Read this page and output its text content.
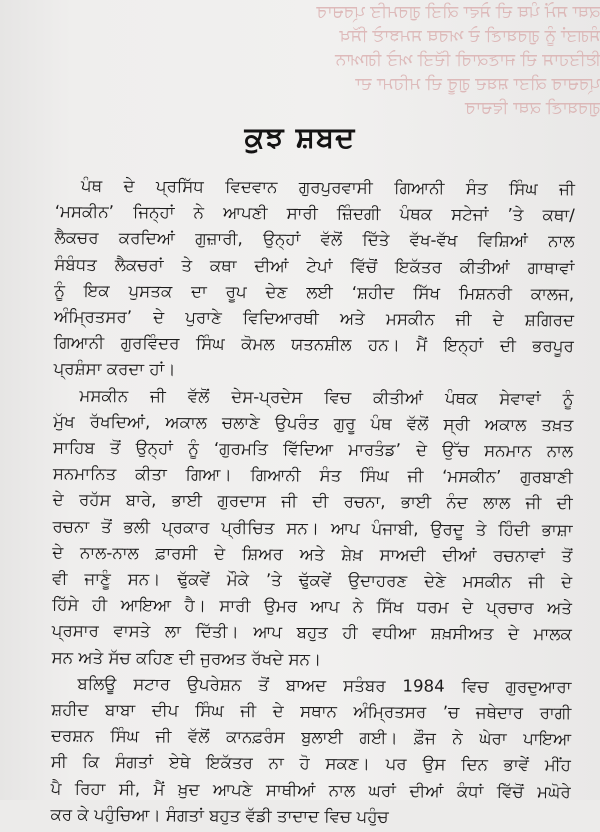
ਕਥਾ ਸਮੇਂ ਪੰਥ ਦੀ ਸੇਵਾ ਕੀਤੀ ਗੁਰਮਤਿ ਪ੍ਰਚਾਰ
ਸੰਗਤਾਂ ਨੂੰ ਗੁਰਬਾਣੀ ਦੇ ਅਰਥ ਸਮਝਾਏ ਸਿੱਖ
ਇਤਿਹਾਸ ਦੀ ਜਾਣਕਾਰੀ ਦਿੱਤੀ ਅਤੇ ਗਿਆਨ
ਪ੍ਰਚਾਰ ਕੀਤਾ ਸ਼ਬਦ ਗੁਰੂ ਦੀ ਮਹਿਮਾ ਦਾ
ਗੁਰਬਾਣੀ ਕਥਾ ਵਿਚਾਰ
ਕੁਝ ਸ਼ਬਦ
ਪੰਥ ਦੇ ਪ੍ਰਸਿੱਧ ਵਿਦਵਾਨ ਗੁਰਪੁਰਵਾਸੀ ਗਿਆਨੀ ਸੰਤ ਸਿੰਘ ਜੀ
‘ਮਸਕੀਨ’ ਜਿਨ੍ਹਾਂ ਨੇ ਆਪਣੀ ਸਾਰੀ ਜ਼ਿੰਦਗੀ ਪੰਥਕ ਸਟੇਜਾਂ ’ਤੇ ਕਥਾ/
ਲੈਕਚਰ ਕਰਦਿਆਂ ਗੁਜ਼ਾਰੀ, ਉਨ੍ਹਾਂ ਵੱਲੋਂ ਦਿੱਤੇ ਵੱਖ-ਵੱਖ ਵਿਸ਼ਿਆਂ ਨਾਲ
ਸੰਬੰਧਤ ਲੈਕਚਰਾਂ ਤੇ ਕਥਾ ਦੀਆਂ ਟੇਪਾਂ ਵਿੱਚੋਂ ਇਕੱਤਰ ਕੀਤੀਆਂ ਗਾਥਾਵਾਂ
ਨੂੰ ਇਕ ਪੁਸਤਕ ਦਾ ਰੂਪ ਦੇਣ ਲਈ ‘ਸ਼ਹੀਦ ਸਿੱਖ ਮਿਸ਼ਨਰੀ ਕਾਲਜ,
ਅੰਮ੍ਰਿਤਸਰ’ ਦੇ ਪੁਰਾਣੇ ਵਿਦਿਆਰਥੀ ਅਤੇ ਮਸਕੀਨ ਜੀ ਦੇ ਸ਼ਗਿਰਦ
ਗਿਆਨੀ ਗੁਰਵਿੰਦਰ ਸਿੰਘ ਕੋਮਲ ਯਤਨਸ਼ੀਲ ਹਨ। ਮੈਂ ਇਨ੍ਹਾਂ ਦੀ ਭਰਪੂਰ
ਪ੍ਰਸ਼ੰਸਾ ਕਰਦਾ ਹਾਂ।
ਮਸਕੀਨ ਜੀ ਵੱਲੋਂ ਦੇਸ-ਪ੍ਰਦੇਸ ਵਿਚ ਕੀਤੀਆਂ ਪੰਥਕ ਸੇਵਾਵਾਂ ਨੂੰ
ਮੁੱਖ ਰੱਖਦਿਆਂ, ਅਕਾਲ ਚਲਾਣੇ ਉਪਰੰਤ ਗੁਰੂ ਪੰਥ ਵੱਲੋਂ ਸ੍ਰੀ ਅਕਾਲ ਤਖ਼ਤ
ਸਾਹਿਬ ਤੋਂ ਉਨ੍ਹਾਂ ਨੂੰ ‘ਗੁਰਮਤਿ ਵਿੱਦਿਆ ਮਾਰਤੰਡ’ ਦੇ ਉੱਚ ਸਨਮਾਨ ਨਾਲ
ਸਨਮਾਨਿਤ ਕੀਤਾ ਗਿਆ। ਗਿਆਨੀ ਸੰਤ ਸਿੰਘ ਜੀ ‘ਮਸਕੀਨ’ ਗੁਰਬਾਣੀ
ਦੇ ਰਹੱਸ ਬਾਰੇ, ਭਾਈ ਗੁਰਦਾਸ ਜੀ ਦੀ ਰਚਨਾ, ਭਾਈ ਨੰਦ ਲਾਲ ਜੀ ਦੀ
ਰਚਨਾ ਤੋਂ ਭਲੀ ਪ੍ਰਕਾਰ ਪ੍ਰੀਚਿਤ ਸਨ। ਆਪ ਪੰਜਾਬੀ, ਉਰਦੂ ਤੇ ਹਿੰਦੀ ਭਾਸ਼ਾ
ਦੇ ਨਾਲ-ਨਾਲ ਫ਼ਾਰਸੀ ਦੇ ਸ਼ਿਅਰ ਅਤੇ ਸ਼ੇਖ਼ ਸਾਅਦੀ ਦੀਆਂ ਰਚਨਾਵਾਂ ਤੋਂ
ਵੀ ਜਾਣੂੰ ਸਨ। ਢੁੱਕਵੇਂ ਮੌਕੇ ’ਤੇ ਢੁੱਕਵੇਂ ਉਦਾਹਰਣ ਦੇਣੇ ਮਸਕੀਨ ਜੀ ਦੇ
ਹਿੱਸੇ ਹੀ ਆਇਆ ਹੈ। ਸਾਰੀ ਉਮਰ ਆਪ ਨੇ ਸਿੱਖ ਧਰਮ ਦੇ ਪ੍ਰਚਾਰ ਅਤੇ
ਪ੍ਰਸਾਰ ਵਾਸਤੇ ਲਾ ਦਿੱਤੀ। ਆਪ ਬਹੁਤ ਹੀ ਵਧੀਆ ਸ਼ਖ਼ਸੀਅਤ ਦੇ ਮਾਲਕ
ਸਨ ਅਤੇ ਸੱਚ ਕਹਿਣ ਦੀ ਜੁਰਅਤ ਰੱਖਦੇ ਸਨ।
ਬਲਿਊ ਸਟਾਰ ਉਪਰੇਸ਼ਨ ਤੋਂ ਬਾਅਦ ਸਤੰਬਰ 1984 ਵਿਚ ਗੁਰਦੁਆਰਾ
ਸ਼ਹੀਦ ਬਾਬਾ ਦੀਪ ਸਿੰਘ ਜੀ ਦੇ ਸਥਾਨ ਅੰਮ੍ਰਿਤਸਰ ’ਚ ਜਥੇਦਾਰ ਰਾਗੀ
ਦਰਸ਼ਨ ਸਿੰਘ ਜੀ ਵੱਲੋਂ ਕਾਨਫ਼ਰੰਸ ਬੁਲਾਈ ਗਈ। ਫ਼ੌਜ ਨੇ ਘੇਰਾ ਪਾਇਆ
ਸੀ ਕਿ ਸੰਗਤਾਂ ਏਥੇ ਇਕੱਤਰ ਨਾ ਹੋ ਸਕਣ। ਪਰ ਉਸ ਦਿਨ ਭਾਵੇਂ ਮੀਂਹ
ਪੈ ਰਿਹਾ ਸੀ, ਮੈਂ ਖ਼ੁਦ ਆਪਣੇ ਸਾਥੀਆਂ ਨਾਲ ਘਰਾਂ ਦੀਆਂ ਕੰਧਾਂ ਵਿੱਚੋਂ ਮਘੋਰੇ
ਕਰ ਕੇ ਪਹੁੰਚਿਆ। ਸੰਗਤਾਂ ਬਹੁਤ ਵੱਡੀ ਤਾਦਾਦ ਵਿਚ ਪਹੁੰਚ
